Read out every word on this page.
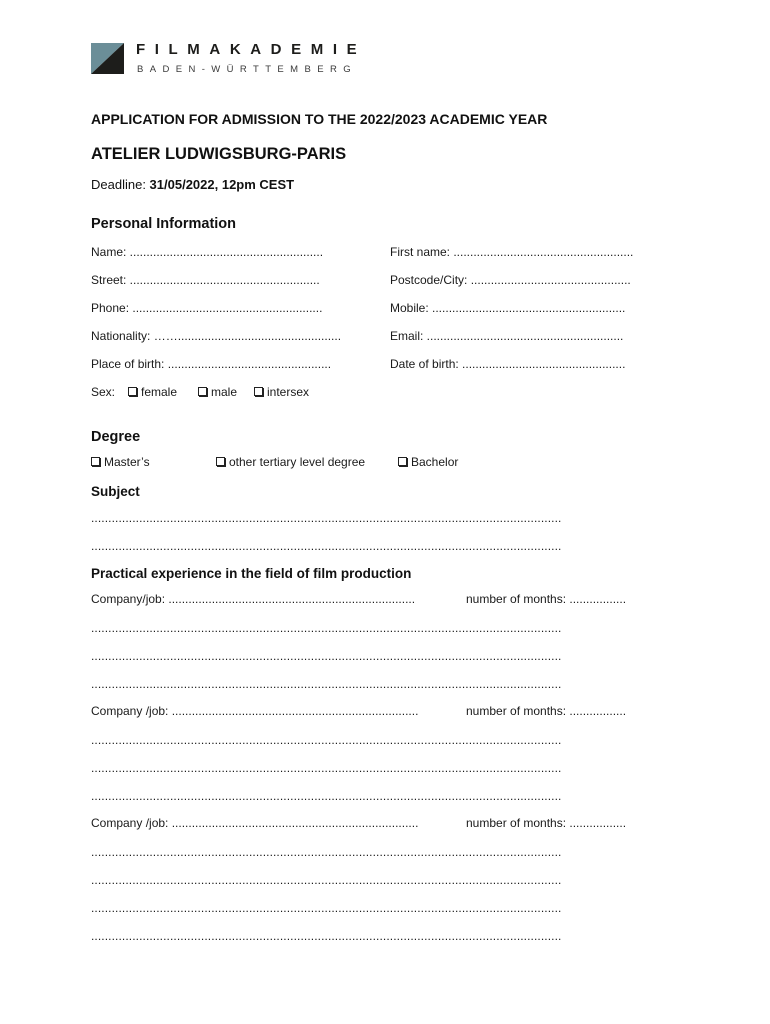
FILMAKADEMIE
BADEN-WÜRTTEMBERG
APPLICATION FOR ADMISSION TO THE 2022/2023 ACADEMIC YEAR
ATELIER LUDWIGSBURG-PARIS
Deadline: 31/05/2022, 12pm CEST
Personal Information
Name: ..........................................................	First name: ......................................................
Street: .........................................................	Postcode/City: ................................................
Phone: .........................................................	Mobile: ..........................................................
Nationality: …….................................................	Email: ...........................................................
Place of birth: .................................................	Date of birth: .................................................
Sex:	female	male	intersex
Degree
Master’s	other tertiary level degree	Bachelor
Subject
.........................................................................................................................................
.........................................................................................................................................
Practical experience in the field of film production
Company/job: ..........................................................................	number of months: .................
.........................................................................................................................................
.........................................................................................................................................
.........................................................................................................................................
Company /job: ..........................................................................	number of months: .................
.........................................................................................................................................
.........................................................................................................................................
.........................................................................................................................................
Company /job: ..........................................................................	number of months: .................
.........................................................................................................................................
.........................................................................................................................................
.........................................................................................................................................
.........................................................................................................................................
